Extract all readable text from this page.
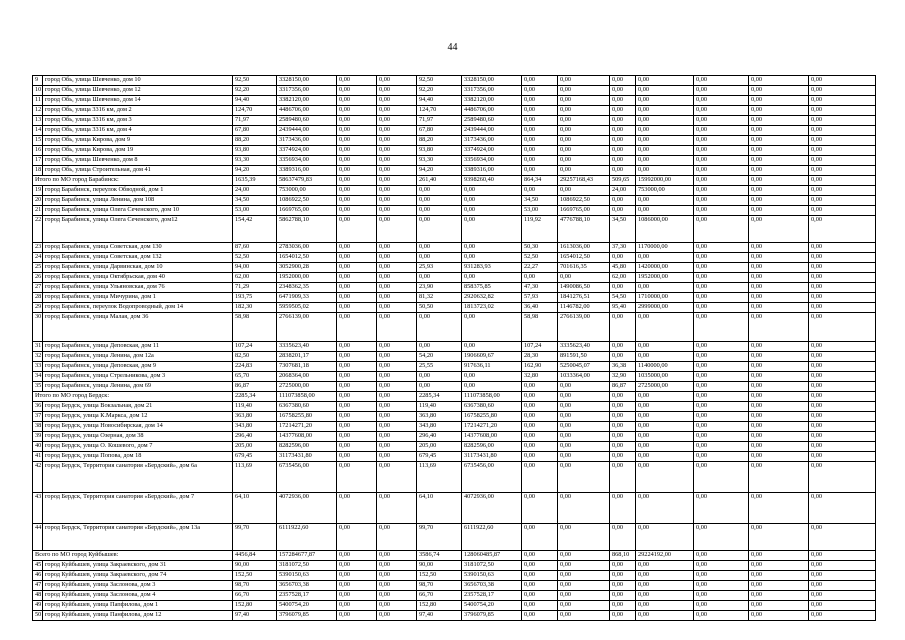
44
9	город Обь, улица Шевченко, дом 10	92,50	3328150,00	0,00	0,00	92,50	3328150,00	0,00	0,00	0,00	0,00	0,00	0,00	0,00
10	город Обь, улица Шевченко, дом 12	92,20	3317356,00	0,00	0,00	92,20	3317356,00	0,00	0,00	0,00	0,00	0,00	0,00	0,00
11	город Обь, улица Шевченко, дом 14	94,40	3382120,00	0,00	0,00	94,40	3382120,00	0,00	0,00	0,00	0,00	0,00	0,00	0,00
12	город Обь, улица 3316 км, дом 2	124,70	4486706,00	0,00	0,00	124,70	4486706,00	0,00	0,00	0,00	0,00	0,00	0,00	0,00
13	город Обь, улица 3316 км, дом 3	71,97	2589480,60	0,00	0,00	71,97	2589480,60	0,00	0,00	0,00	0,00	0,00	0,00	0,00
14	город Обь, улица 3316 км, дом 4	67,80	2439444,00	0,00	0,00	67,80	2439444,00	0,00	0,00	0,00	0,00	0,00	0,00	0,00
15	город Обь, улица Кирова, дом 9	88,20	3173436,00	0,00	0,00	88,20	3173436,00	0,00	0,00	0,00	0,00	0,00	0,00	0,00
16	город Обь, улица Кирова, дом 19	93,80	3374924,00	0,00	0,00	93,80	3374924,00	0,00	0,00	0,00	0,00	0,00	0,00	0,00
17	город Обь, улица Шевченко, дом 8	93,30	3356934,00	0,00	0,00	93,30	3356934,00	0,00	0,00	0,00	0,00	0,00	0,00	0,00
18	город Обь, улица Строительная, дом 41	94,20	3389316,00	0,00	0,00	94,20	3389316,00	0,00	0,00	0,00	0,00	0,00	0,00	0,00
Итого по МО город Барабинск:		1635,39	58637479,83	0,00	0,00	261,40	9398260,40	864,34	29257168,43	509,65	15992000,00	0,00	0,00	0,00
19	город Барабинск, переулок Обводной, дом 1	24,00	753000,00	0,00	0,00	0,00	0,00	0,00	0,00	24,00	753000,00	0,00	0,00	0,00
20	город Барабинск, улица Ленина, дом 108	34,50	1086922,50	0,00	0,00	0,00	0,00	34,50	1086922,50	0,00	0,00	0,00	0,00	0,00
21	город Барабинск, улица Олега Сеченского, дом 10	53,00	1669765,00	0,00	0,00	0,00	0,00	53,00	1669765,00	0,00	0,00	0,00	0,00	0,00
22	город Барабинск, улица Олега Сеченского, дом12	154,42	5862788,10	0,00	0,00	0,00	0,00	119,92	4776788,10	34,50	1086000,00	0,00	0,00	0,00
23	город Барабинск, улица Советская, дом 130	87,60	2783036,00	0,00	0,00	0,00	0,00	50,30	1613036,00	37,30	1170000,00	0,00	0,00	0,00
24	город Барабинск, улица Советская, дом 132	52,50	1654012,50	0,00	0,00	0,00	0,00	52,50	1654012,50	0,00	0,00	0,00	0,00	0,00
25	город Барабинск, улица Дарвинская, дом 10	94,00	3052900,28	0,00	0,00	25,93	931283,93	22,27	701616,35	45,80	1420000,00	0,00	0,00	0,00
26	город Барабинск, улица Октябрьская, дом 40	62,00	1952000,00	0,00	0,00	0,00	0,00	0,00	0,00	62,00	1952000,00	0,00	0,00	0,00
27	город Барабинск, улица Ульяновская, дом 76	71,29	2348362,35	0,00	0,00	23,90	858375,85	47,30	1490086,50	0,00	0,00	0,00	0,00	0,00
28	город Барабинск, улица Мичурина, дом 1	193,75	6471909,33	0,00	0,00	81,32	2920632,82	57,93	1841276,51	54,50	1710000,00	0,00	0,00	0,00
29	город Барабинск, переулок Водопроводный, дом 14	182,30	5959505,02	0,00	0,00	50,50	1813723,02	36,40	1146782,00	95,40	2999000,00	0,00	0,00	0,00
30	город Барабинск, улица Малая, дом 36	58,98	2766139,00	0,00	0,00	0,00	0,00	58,98	2766139,00	0,00	0,00	0,00	0,00	0,00
31	город Барабинск, улица Деповская, дом 11	107,24	3335623,40	0,00	0,00	0,00	0,00	107,24	3335623,40	0,00	0,00	0,00	0,00	0,00
32	город Барабинск, улица Ленина, дом 12а	82,50	2838201,17	0,00	0,00	54,20	1906609,67	28,30	891591,50	0,00	0,00	0,00	0,00	0,00
33	город Барабинск, улица Деповская, дом 9	224,83	7307681,18	0,00	0,00	25,55	917636,11	162,90	5250045,07	36,38	1140000,00	0,00	0,00	0,00
34	город Барабинск, улица Стрельникова, дом 3	65,70	2068364,00	0,00	0,00	0,00	0,00	32,80	1033364,00	32,90	1035000,00	0,00	0,00	0,00
35	город Барабинск, улица Ленина, дом 69	86,87	2725000,00	0,00	0,00	0,00	0,00	0,00	0,00	86,87	2725000,00	0,00	0,00	0,00
Итого по МО город Бердск:		2285,34	111073858,00	0,00	0,00	2285,34	111073858,00	0,00	0,00	0,00	0,00	0,00	0,00	0,00
36	город Бердск, улица Вокзальная, дом 21	119,40	6367380,60	0,00	0,00	119,40	6367380,60	0,00	0,00	0,00	0,00	0,00	0,00	0,00
37	город Бердск, улица К.Маркса, дом 12	363,80	16758255,80	0,00	0,00	363,80	16758255,80	0,00	0,00	0,00	0,00	0,00	0,00	0,00
38	город Бердск, улица Новосибирская, дом 14	343,80	17214271,20	0,00	0,00	343,80	17214271,20	0,00	0,00	0,00	0,00	0,00	0,00	0,00
39	город Бердск, улица Озерная, дом 38	296,40	14377608,00	0,00	0,00	296,40	14377608,00	0,00	0,00	0,00	0,00	0,00	0,00	0,00
40	город Бердск, улица О. Кошевого, дом 7	205,00	8282596,00	0,00	0,00	205,00	8282596,00	0,00	0,00	0,00	0,00	0,00	0,00	0,00
41	город Бердск, улица Попова, дом 18	679,45	31173431,80	0,00	0,00	679,45	31173431,80	0,00	0,00	0,00	0,00	0,00	0,00	0,00
42	город Бердск, Территория санатория «Бердский», дом 6а	113,69	6735456,00	0,00	0,00	113,69	6735456,00	0,00	0,00	0,00	0,00	0,00	0,00	0,00
43	город Бердск, Территория санатория «Бердский», дом 7	64,10	4072936,00	0,00	0,00	64,10	4072936,00	0,00	0,00	0,00	0,00	0,00	0,00	0,00
44	город Бердск, Территория санатория «Бердский», дом 13а	99,70	6111922,60	0,00	0,00	99,70	6111922,60	0,00	0,00	0,00	0,00	0,00	0,00	0,00
Всего по МО город Куйбышев:		4456,84	157284677,87	0,00	0,00	3586,74	128060485,87	0,00	0,00	868,10	29224192,00	0,00	0,00	0,00
45	город Куйбышев, улица Закраевского, дом 31	90,00	3181072,50	0,00	0,00	90,00	3181072,50	0,00	0,00	0,00	0,00	0,00	0,00	0,00
46	город Куйбышев, улица Закраевского, дом 74	152,50	5390150,63	0,00	0,00	152,50	5390150,63	0,00	0,00	0,00	0,00	0,00	0,00	0,00
47	город Куйбышев, улица Заслонова, дом 3	98,70	3656703,38	0,00	0,00	98,70	3656703,38	0,00	0,00	0,00	0,00	0,00	0,00	0,00
48	город Куйбышев, улица Заслонова, дом 4	66,70	2357528,17	0,00	0,00	66,70	2357528,17	0,00	0,00	0,00	0,00	0,00	0,00	0,00
49	город Куйбышев, улица Папфилова, дом 1	152,80	5400754,20	0,00	0,00	152,80	5400754,20	0,00	0,00	0,00	0,00	0,00	0,00	0,00
50	город Куйбышев, улица Панфилова, дом 12	97,40	3796079,85	0,00	0,00	97,40	3796079,85	0,00	0,00	0,00	0,00	0,00	0,00	0,00
